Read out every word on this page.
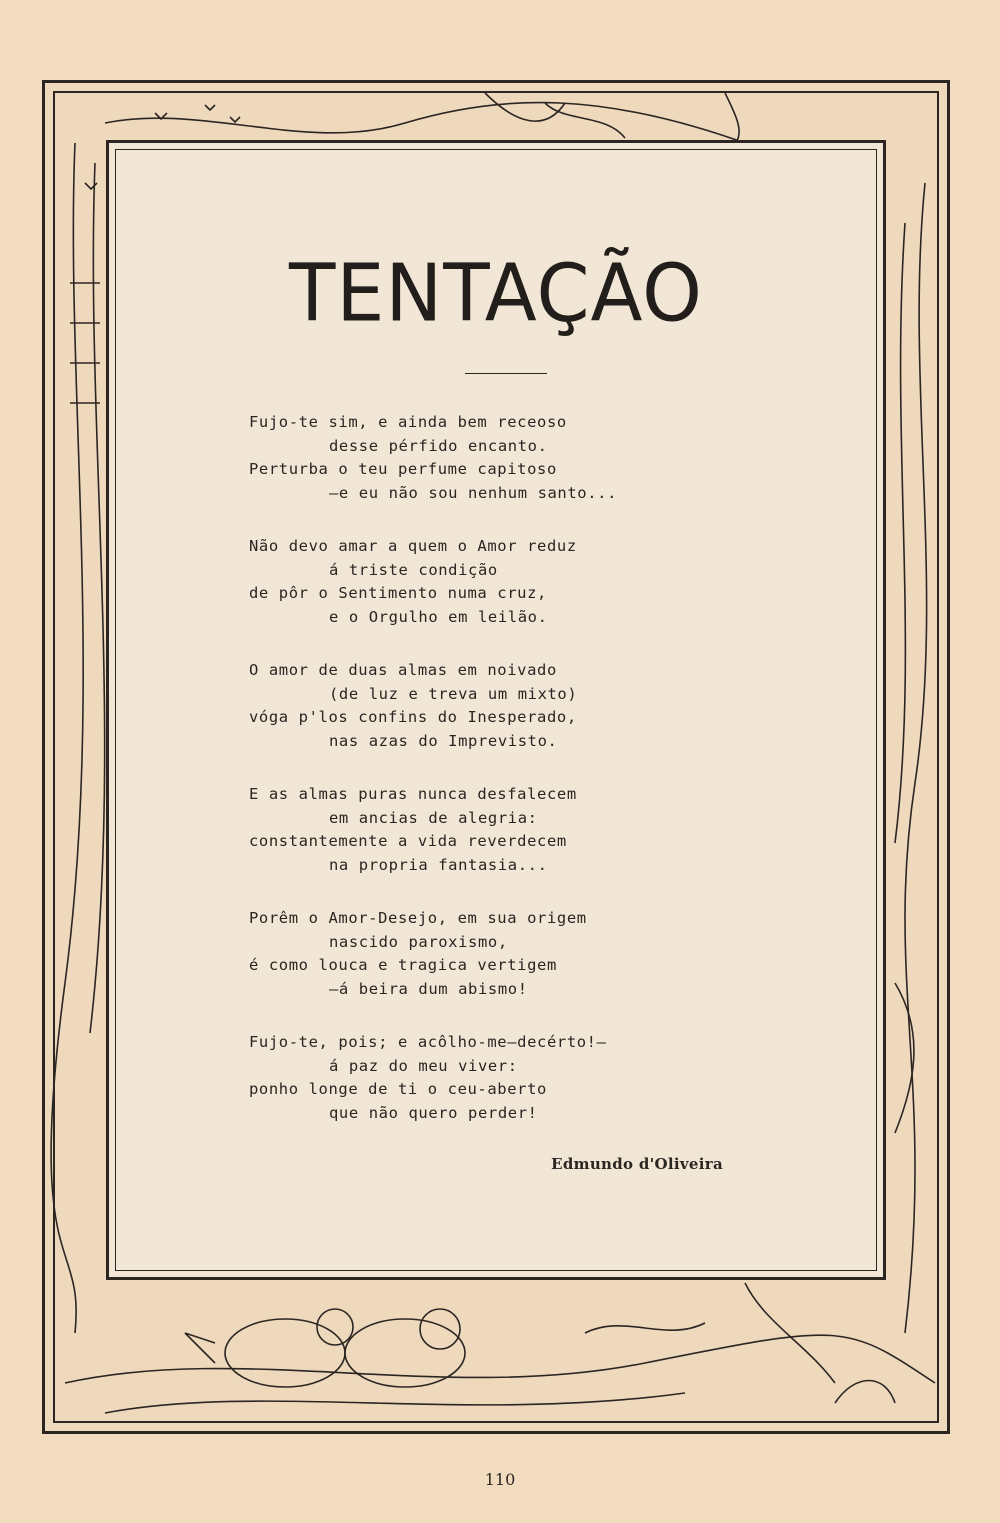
TENTAÇÃO
Fujo-te sim, e ainda bem receoso
desse pérfido encanto.
Perturba o teu perfume capitoso
—e eu não sou nenhum santo...
Não devo amar a quem o Amor reduz
á triste condição
de pôr o Sentimento numa cruz,
e o Orgulho em leilão.
O amor de duas almas em noivado
(de luz e treva um mixto)
vóga p'los confins do Inesperado,
nas azas do Imprevisto.
E as almas puras nunca desfalecem
em ancias de alegria:
constantemente a vida reverdecem
na propria fantasia...
Porêm o Amor-Desejo, em sua origem
nascido paroxismo,
é como louca e tragica vertigem
—á beira dum abismo!
Fujo-te, pois; e acôlho-me—decérto!—
á paz do meu viver:
ponho longe de ti o ceu-aberto
que não quero perder!
Edmundo d'Oliveira
110
